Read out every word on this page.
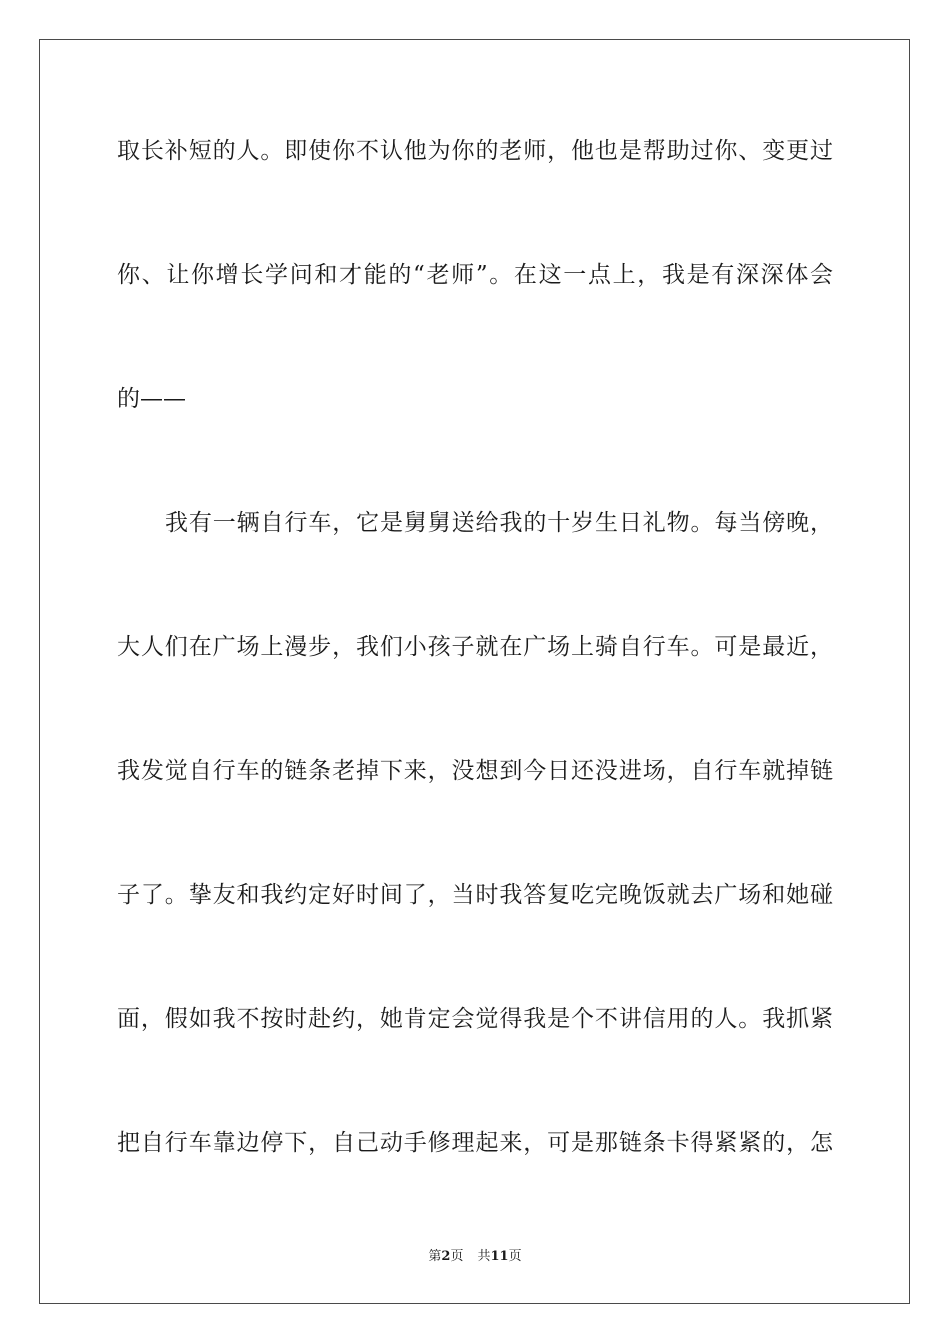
取长补短的人。即使你不认他为你的老师，他也是帮助过你、变更过
你、让你增长学问和才能的“老师”。在这一点上，我是有深深体会
的——
我有一辆自行车，它是舅舅送给我的十岁生日礼物。每当傍晚，
大人们在广场上漫步，我们小孩子就在广场上骑自行车。可是最近，
我发觉自行车的链条老掉下来，没想到今日还没进场，自行车就掉链
子了。挚友和我约定好时间了，当时我答复吃完晚饭就去广场和她碰
面，假如我不按时赴约，她肯定会觉得我是个不讲信用的人。我抓紧
把自行车靠边停下，自己动手修理起来，可是那链条卡得紧紧的，怎
第2页 共11页
